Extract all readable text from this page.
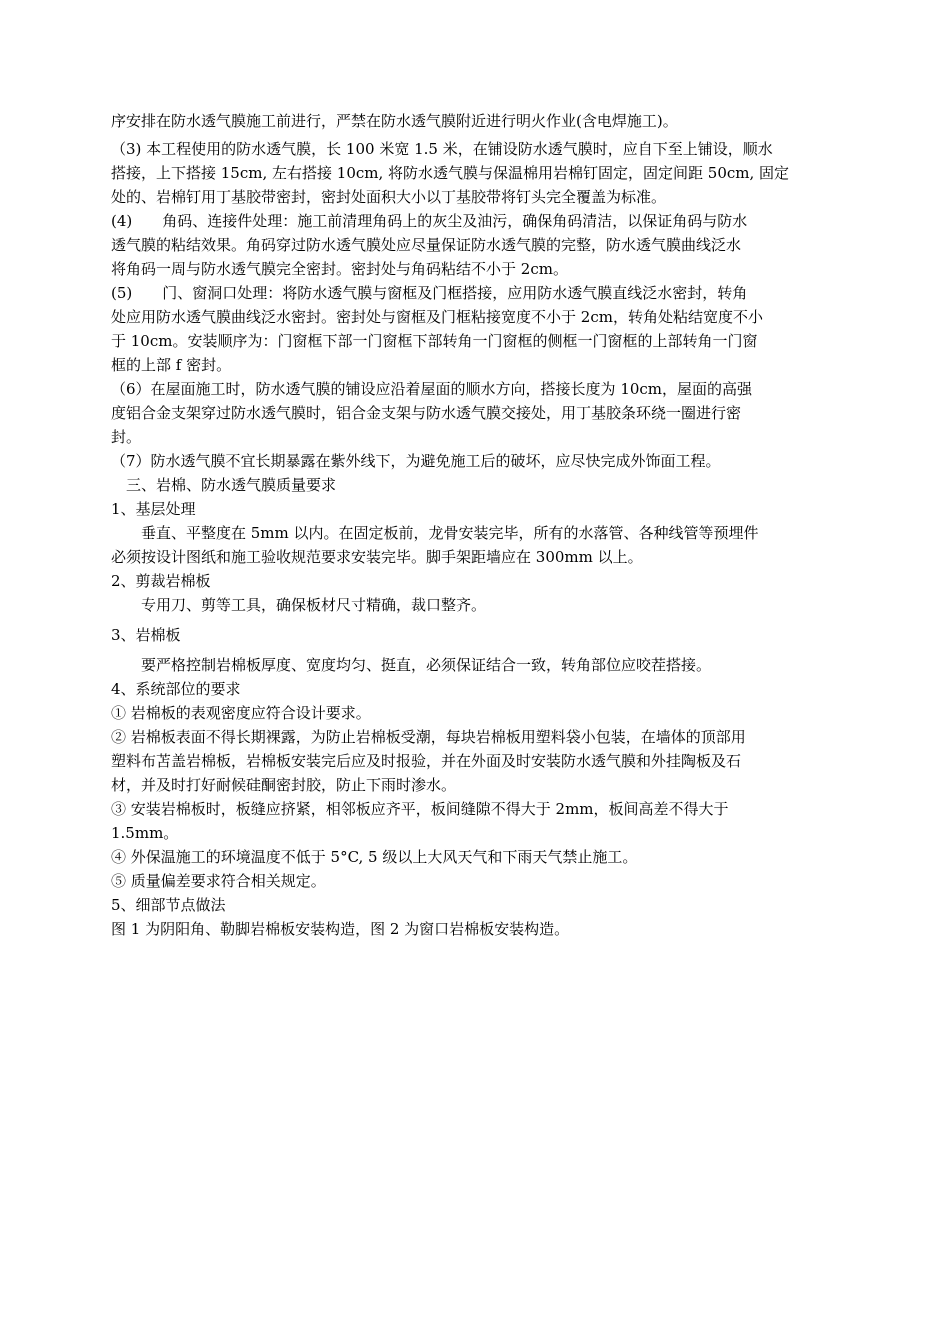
序安排在防水透气膜施工前进行，严禁在防水透气膜附近进行明火作业(含电焊施工)。
（3) 本工程使用的防水透气膜，长 100 米宽 1.5 米，在铺设防水透气膜时，应自下至上铺设，顺水
搭接，上下搭接 15cm, 左右搭接 10cm, 将防水透气膜与保温棉用岩棉钉固定，固定间距 50cm, 固定
处的、岩棉钉用丁基胶带密封，密封处面积大小以丁基胶带将钉头完全覆盖为标准。
(4)　　角码、连接件处理：施工前清理角码上的灰尘及油污，确保角码清洁，以保证角码与防水
透气膜的粘结效果。角码穿过防水透气膜处应尽量保证防水透气膜的完整，防水透气膜曲线泛水
将角码一周与防水透气膜完全密封。密封处与角码粘结不小于 2cm。
(5)　　门、窗洞口处理：将防水透气膜与窗框及门框搭接，应用防水透气膜直线泛水密封，转角
处应用防水透气膜曲线泛水密封。密封处与窗框及门框粘接宽度不小于 2cm，转角处粘结宽度不小
于 10cm。安装顺序为：门窗框下部一门窗框下部转角一门窗框的侧框一门窗框的上部转角一门窗
框的上部 f 密封。
（6）在屋面施工时，防水透气膜的铺设应沿着屋面的顺水方向，搭接长度为 10cm，屋面的高强
度铝合金支架穿过防水透气膜时，铝合金支架与防水透气膜交接处，用丁基胶条环绕一圈进行密
封。
（7）防水透气膜不宜长期暴露在紫外线下，为避免施工后的破坏，应尽快完成外饰面工程。
　三、岩棉、防水透气膜质量要求
1、基层处理
　　垂直、平整度在 5mm 以内。在固定板前，龙骨安装完毕，所有的水落管、各种线管等预埋件
必须按设计图纸和施工验收规范要求安装完毕。脚手架距墙应在 300mm 以上。
2、剪裁岩棉板
　　专用刀、剪等工具，确保板材尺寸精确，裁口整齐。
3、岩棉板
　　要严格控制岩棉板厚度、宽度均匀、挺直，必须保证结合一致，转角部位应咬茬搭接。
4、系统部位的要求
① 岩棉板的表观密度应符合设计要求。
② 岩棉板表面不得长期裸露，为防止岩棉板受潮，每块岩棉板用塑料袋小包装，在墙体的顶部用
塑料布苫盖岩棉板，岩棉板安装完后应及时报验，并在外面及时安装防水透气膜和外挂陶板及石
材，并及时打好耐候硅酮密封胶，防止下雨时渗水。
③ 安装岩棉板时，板缝应挤紧，相邻板应齐平，板间缝隙不得大于 2mm，板间高差不得大于
1.5mm。
④ 外保温施工的环境温度不低于 5°C, 5 级以上大风天气和下雨天气禁止施工。
⑤ 质量偏差要求符合相关规定。
5、细部节点做法
图 1 为阴阳角、勒脚岩棉板安装构造，图 2 为窗口岩棉板安装构造。
